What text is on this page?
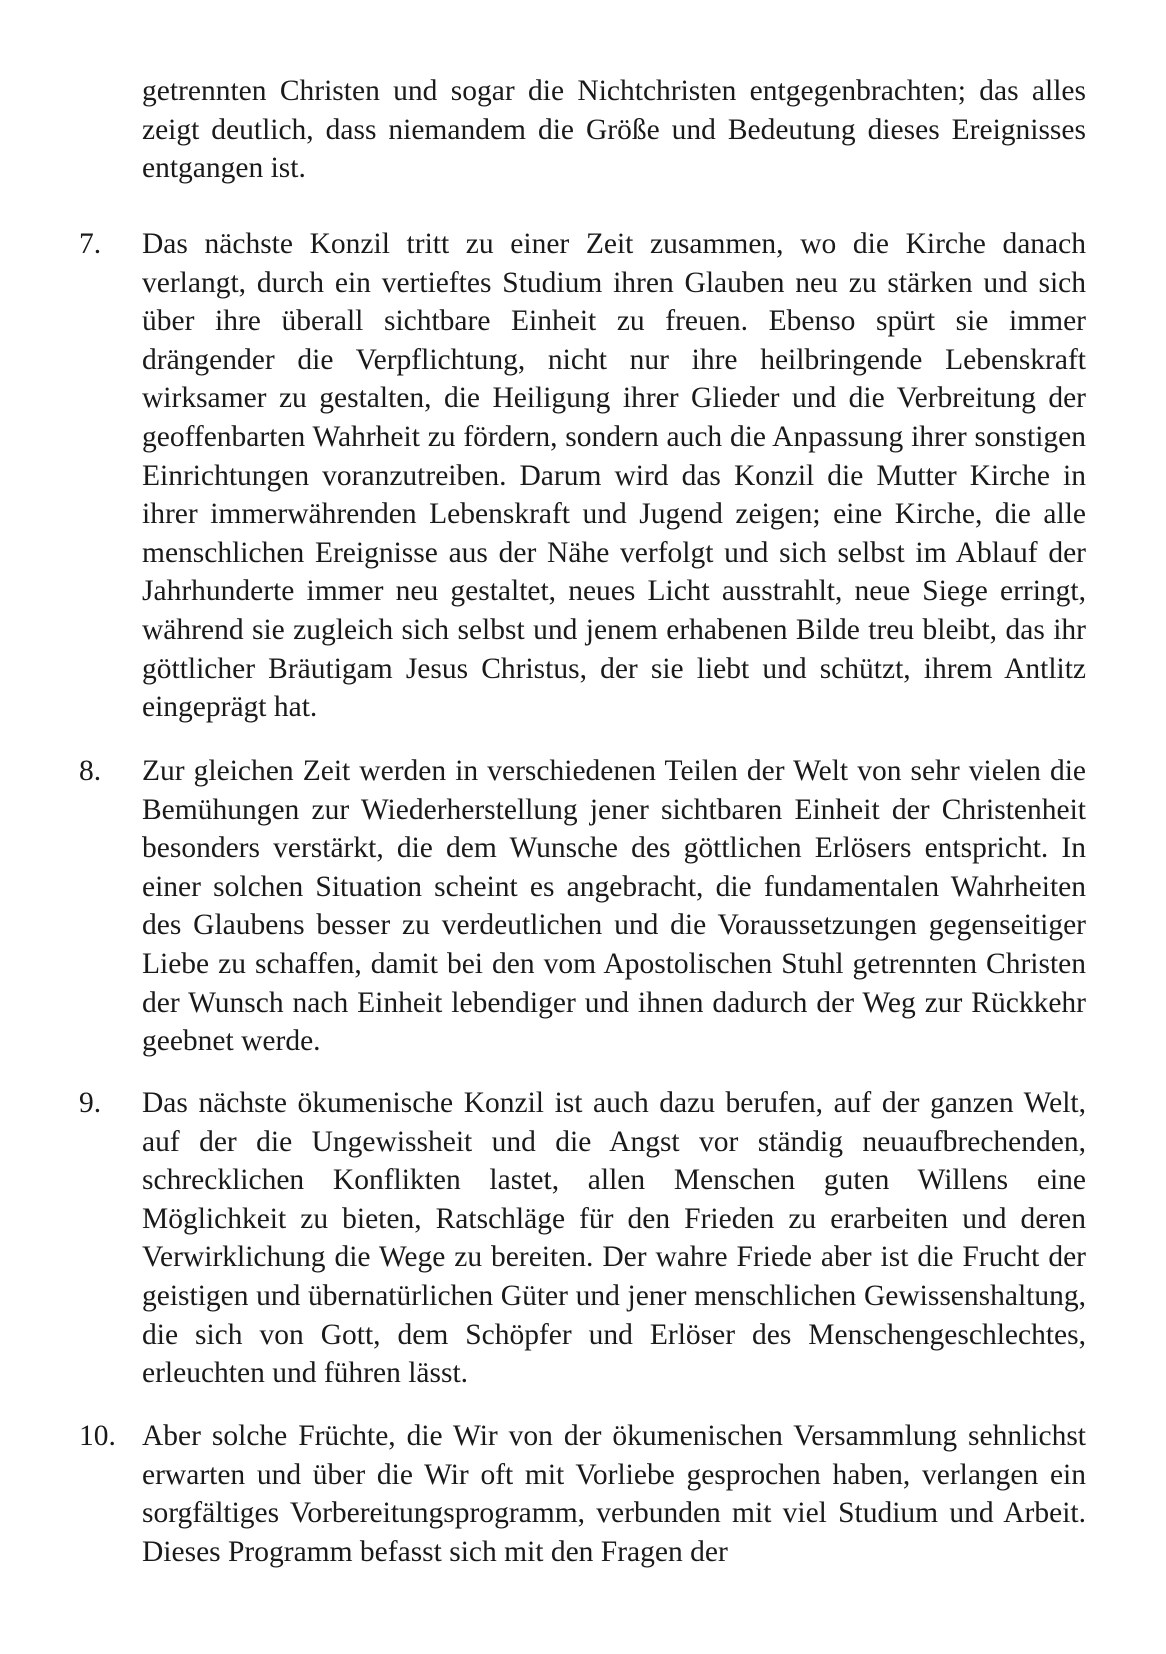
getrennten Christen und sogar die Nichtchristen entgegenbrachten; das alles zeigt deutlich, dass niemandem die Größe und Bedeutung dieses Ereignisses entgangen ist.

7. Das nächste Konzil tritt zu einer Zeit zusammen, wo die Kirche danach verlangt, durch ein vertieftes Studium ihren Glauben neu zu stärken und sich über ihre überall sichtbare Einheit zu freuen. Ebenso spürt sie immer drängender die Verpflichtung, nicht nur ihre heilbringende Lebenskraft wirksamer zu gestalten, die Heiligung ihrer Glieder und die Verbreitung der geoffenbarten Wahrheit zu fördern, sondern auch die Anpassung ihrer sonstigen Einrichtungen voranzutreiben. Darum wird das Konzil die Mutter Kirche in ihrer immerwährenden Lebenskraft und Jugend zeigen; eine Kirche, die alle menschlichen Ereignisse aus der Nähe verfolgt und sich selbst im Ablauf der Jahrhunderte immer neu gestaltet, neues Licht ausstrahlt, neue Siege erringt, während sie zugleich sich selbst und jenem erhabenen Bilde treu bleibt, das ihr göttlicher Bräutigam Jesus Christus, der sie liebt und schützt, ihrem Antlitz eingeprägt hat.

8. Zur gleichen Zeit werden in verschiedenen Teilen der Welt von sehr vielen die Bemühungen zur Wiederherstellung jener sichtbaren Einheit der Christenheit besonders verstärkt, die dem Wunsche des göttlichen Erlösers entspricht. In einer solchen Situation scheint es angebracht, die fundamentalen Wahrheiten des Glaubens besser zu verdeutlichen und die Voraussetzungen gegenseitiger Liebe zu schaffen, damit bei den vom Apostolischen Stuhl getrennten Christen der Wunsch nach Einheit lebendiger und ihnen dadurch der Weg zur Rückkehr geebnet werde.

9. Das nächste ökumenische Konzil ist auch dazu berufen, auf der ganzen Welt, auf der die Ungewissheit und die Angst vor ständig neuaufbrechenden, schrecklichen Konflikten lastet, allen Menschen guten Willens eine Möglichkeit zu bieten, Ratschläge für den Frieden zu erarbeiten und deren Verwirklichung die Wege zu bereiten. Der wahre Friede aber ist die Frucht der geistigen und übernatürlichen Güter und jener menschlichen Gewissenshaltung, die sich von Gott, dem Schöpfer und Erlöser des Menschengeschlechtes, erleuchten und führen lässt.

10. Aber solche Früchte, die Wir von der ökumenischen Versammlung sehnlichst erwarten und über die Wir oft mit Vorliebe gesprochen haben, verlangen ein sorgfältiges Vorbereitungsprogramm, verbunden mit viel Studium und Arbeit. Dieses Programm befasst sich mit den Fragen der
